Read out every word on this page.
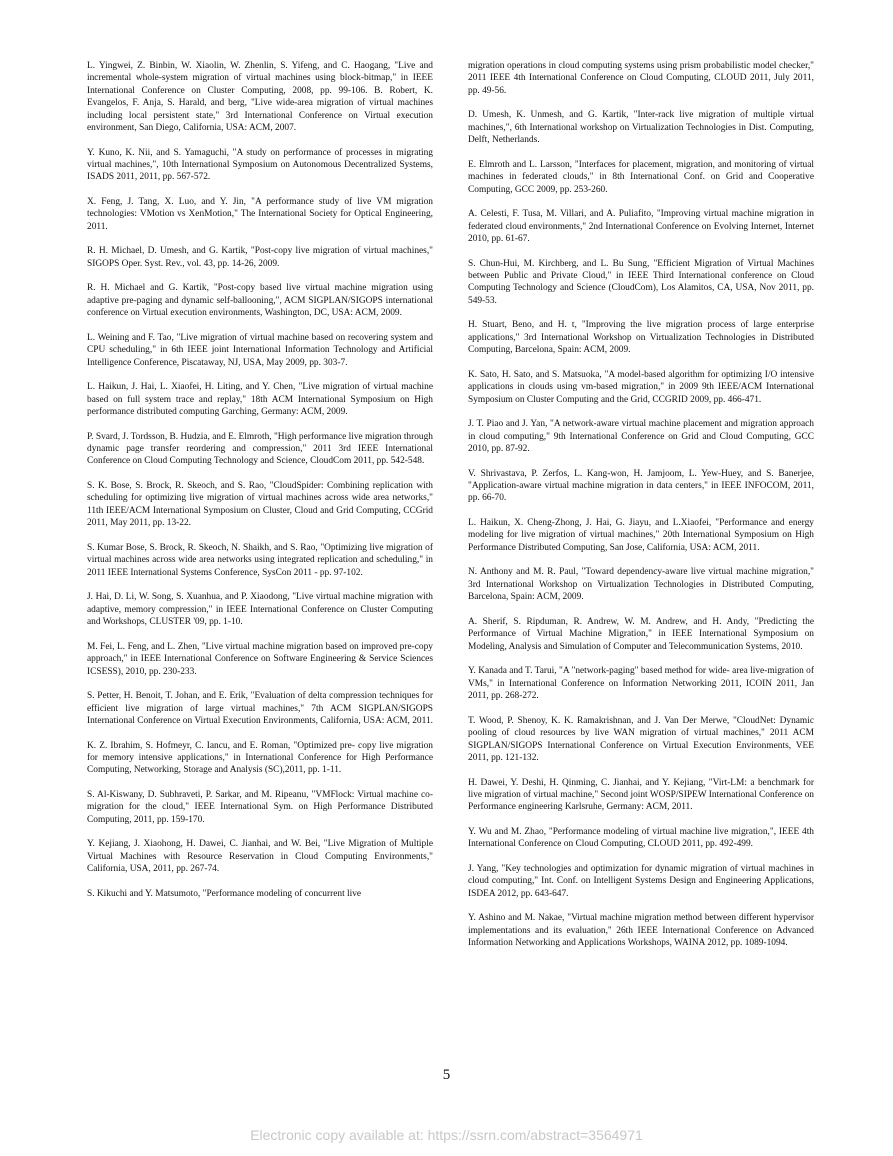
L. Yingwei, Z. Binbin, W. Xiaolin, W. Zhenlin, S. Yifeng, and C. Haogang, "Live and incremental whole-system migration of virtual machines using block-bitmap," in IEEE International Conference on Cluster Computing, 2008, pp. 99-106. B. Robert, K. Evangelos, F. Anja, S. Harald, and berg, "Live wide-area migration of virtual machines including local persistent state," 3rd International Conference on Virtual execution environment, San Diego, California, USA: ACM, 2007.

Y. Kuno, K. Nii, and S. Yamaguchi, "A study on performance of processes in migrating virtual machines,", 10th International Symposium on Autonomous Decentralized Systems, ISADS 2011, 2011, pp. 567-572.

X. Feng, J. Tang, X. Luo, and Y. Jin, "A performance study of live VM migration technologies: VMotion vs XenMotion," The International Society for Optical Engineering, 2011.

R. H. Michael, D. Umesh, and G. Kartik, "Post-copy live migration of virtual machines," SIGOPS Oper. Syst. Rev., vol. 43, pp. 14-26, 2009.

R. H. Michael and G. Kartik, "Post-copy based live virtual machine migration using adaptive pre-paging and dynamic self-ballooning,", ACM SIGPLAN/SIGOPS international conference on Virtual execution environments, Washington, DC, USA: ACM, 2009.

L. Weining and F. Tao, "Live migration of virtual machine based on recovering system and CPU scheduling," in 6th IEEE joint International Information Technology and Artificial Intelligence Conference, Piscataway, NJ, USA, May 2009, pp. 303-7.

L. Haikun, J. Hai, L. Xiaofei, H. Liting, and Y. Chen, "Live migration of virtual machine based on full system trace and replay," 18th ACM International Symposium on High performance distributed computing Garching, Germany: ACM, 2009.

P. Svard, J. Tordsson, B. Hudzia, and E. Elmroth, "High performance live migration through dynamic page transfer reordering and compression," 2011 3rd IEEE International Conference on Cloud Computing Technology and Science, CloudCom 2011, pp. 542-548.

S. K. Bose, S. Brock, R. Skeoch, and S. Rao, "CloudSpider: Combining replication with scheduling for optimizing live migration of virtual machines across wide area networks," 11th IEEE/ACM International Symposium on Cluster, Cloud and Grid Computing, CCGrid 2011, May 2011, pp. 13-22.

S. Kumar Bose, S. Brock, R. Skeoch, N. Shaikh, and S. Rao, "Optimizing live migration of virtual machines across wide area networks using integrated replication and scheduling," in 2011 IEEE International Systems Conference, SysCon 2011 - pp. 97-102.

J. Hai, D. Li, W. Song, S. Xuanhua, and P. Xiaodong, "Live virtual machine migration with adaptive, memory compression," in IEEE International Conference on Cluster Computing and Workshops, CLUSTER '09, pp. 1-10.

M. Fei, L. Feng, and L. Zhen, "Live virtual machine migration based on improved pre-copy approach," in IEEE International Conference on Software Engineering & Service Sciences ICSESS), 2010, pp. 230-233.

S. Petter, H. Benoit, T. Johan, and E. Erik, "Evaluation of delta compression techniques for efficient live migration of large virtual machines," 7th ACM SIGPLAN/SIGOPS International Conference on Virtual Execution Environments, California, USA: ACM, 2011.

K. Z. Ibrahim, S. Hofmeyr, C. Iancu, and E. Roman, "Optimized pre- copy live migration for memory intensive applications," in International Conference for High Performance Computing, Networking, Storage and Analysis (SC),2011, pp. 1-11.

S. Al-Kiswany, D. Subhraveti, P. Sarkar, and M. Ripeanu, "VMFlock: Virtual machine co-migration for the cloud," IEEE International Sym. on High Performance Distributed Computing, 2011, pp. 159-170.

Y. Kejiang, J. Xiaohong, H. Dawei, C. Jianhai, and W. Bei, "Live Migration of Multiple Virtual Machines with Resource Reservation in Cloud Computing Environments," California, USA, 2011, pp. 267-74.

S. Kikuchi and Y. Matsumoto, "Performance modeling of concurrent live

migration operations in cloud computing systems using prism probabilistic model checker," 2011 IEEE 4th International Conference on Cloud Computing, CLOUD 2011, July 2011, pp. 49-56.

D. Umesh, K. Unmesh, and G. Kartik, "Inter-rack live migration of multiple virtual machines,", 6th International workshop on Virtualization Technologies in Dist. Computing, Delft, Netherlands.

E. Elmroth and L. Larsson, "Interfaces for placement, migration, and monitoring of virtual machines in federated clouds," in 8th International Conf. on Grid and Cooperative Computing, GCC 2009, pp. 253-260.

A. Celesti, F. Tusa, M. Villari, and A. Puliafito, "Improving virtual machine migration in federated cloud environments," 2nd International Conference on Evolving Internet, Internet 2010, pp. 61-67.

S. Chun-Hui, M. Kirchberg, and L. Bu Sung, "Efficient Migration of Virtual Machines between Public and Private Cloud," in IEEE Third International conference on Cloud Computing Technology and Science (CloudCom), Los Alamitos, CA, USA, Nov 2011, pp. 549-53.

H. Stuart, Beno, and H. t, "Improving the live migration process of large enterprise applications," 3rd International Workshop on Virtualization Technologies in Distributed Computing, Barcelona, Spain: ACM, 2009.

K. Sato, H. Sato, and S. Matsuoka, "A model-based algorithm for optimizing I/O intensive applications in clouds using vm-based migration," in 2009 9th IEEE/ACM International Symposium on Cluster Computing and the Grid, CCGRID 2009, pp. 466-471.

J. T. Piao and J. Yan, "A network-aware virtual machine placement and migration approach in cloud computing," 9th International Conference on Grid and Cloud Computing, GCC 2010, pp. 87-92.

V. Shrivastava, P. Zerfos, L. Kang-won, H. Jamjoom, L. Yew-Huey, and S. Banerjee, "Application-aware virtual machine migration in data centers," in IEEE INFOCOM, 2011, pp. 66-70.

L. Haikun, X. Cheng-Zhong, J. Hai, G. Jiayu, and L.Xiaofei, "Performance and energy modeling for live migration of virtual machines," 20th International Symposium on High Performance Distributed Computing, San Jose, California, USA: ACM, 2011.

N. Anthony and M. R. Paul, "Toward dependency-aware live virtual machine migration," 3rd International Workshop on Virtualization Technologies in Distributed Computing, Barcelona, Spain: ACM, 2009.

A. Sherif, S. Ripduman, R. Andrew, W. M. Andrew, and H. Andy, "Predicting the Performance of Virtual Machine Migration," in IEEE International Symposium on Modeling, Analysis and Simulation of Computer and Telecommunication Systems, 2010.

Y. Kanada and T. Tarui, "A "network-paging" based method for wide- area live-migration of VMs," in International Conference on Information Networking 2011, ICOIN 2011, Jan 2011, pp. 268-272.

T. Wood, P. Shenoy, K. K. Ramakrishnan, and J. Van Der Merwe, "CloudNet: Dynamic pooling of cloud resources by live WAN migration of virtual machines," 2011 ACM SIGPLAN/SIGOPS International Conference on Virtual Execution Environments, VEE 2011, pp. 121-132.

H. Dawei, Y. Deshi, H. Qinming, C. Jianhai, and Y. Kejiang, "Virt-LM: a benchmark for live migration of virtual machine," Second joint WOSP/SIPEW International Conference on Performance engineering Karlsruhe, Germany: ACM, 2011.

Y. Wu and M. Zhao, "Performance modeling of virtual machine live migration,", IEEE 4th International Conference on Cloud Computing, CLOUD 2011, pp. 492-499.

J. Yang, "Key technologies and optimization for dynamic migration of virtual machines in cloud computing," Int. Conf. on Intelligent Systems Design and Engineering Applications, ISDEA 2012, pp. 643-647.

Y. Ashino and M. Nakae, "Virtual machine migration method between different hypervisor implementations and its evaluation," 26th IEEE International Conference on Advanced Information Networking and Applications Workshops, WAINA 2012, pp. 1089-1094.

5
Electronic copy available at: https://ssrn.com/abstract=3564971
